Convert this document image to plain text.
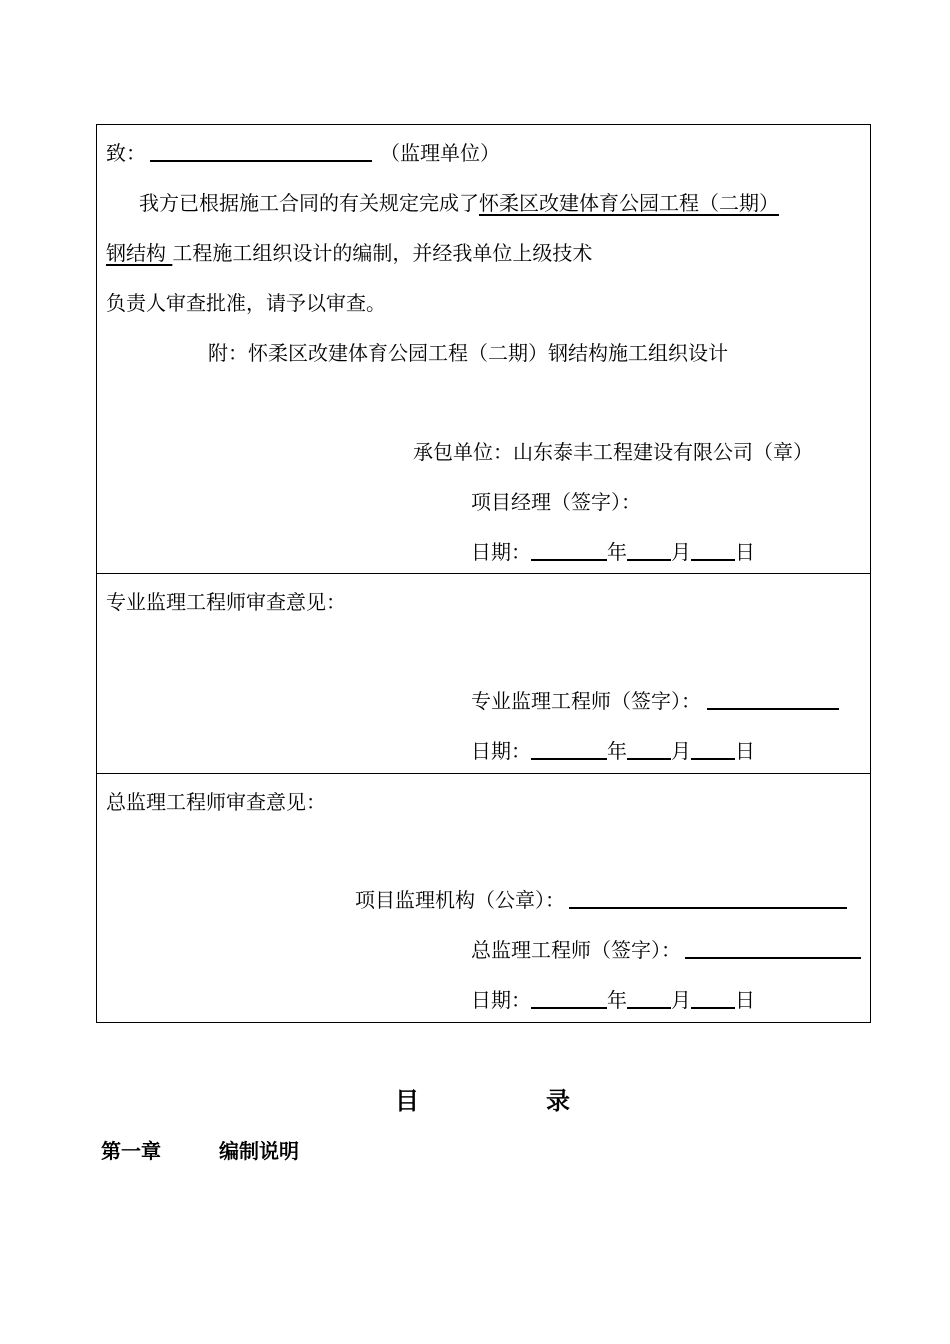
致：	（监理单位）
我方已根据施工合同的有关规定完成了怀柔区改建体育公园工程（二期）
钢结构 工程施工组织设计的编制，并经我单位上级技术
负责人审查批准，请予以审查。
附：怀柔区改建体育公园工程（二期）钢结构施工组织设计
承包单位：山东泰丰工程建设有限公司（章）
项目经理（签字）：
日期：	年 月 日
专业监理工程师审查意见：
专业监理工程师（签字）：
日期：	年 月 日
总监理工程师审查意见：
项目监理机构（公章）：
总监理工程师（签字）：
日期：	年 月 日
目	录
第一章	编制说明
